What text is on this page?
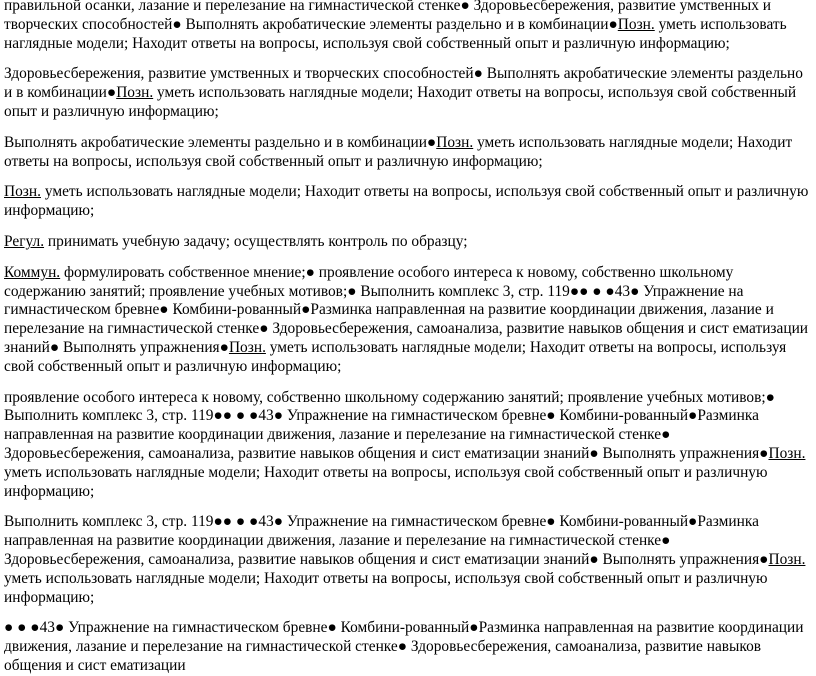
правильной осанки, лазание и перелезание на гимнастической стенке● Здоровьесбережения, развитие умственных и творческих способностей● Выполнять акробатические элементы раздельно и в комбинации●Позн. уметь использовать наглядные модели; Находит ответы на вопросы, используя свой собственный опыт и различную информацию;

Здоровьесбережения, развитие умственных и творческих способностей● Выполнять акробатические элементы раздельно и в комбинации●Позн. уметь использовать наглядные модели; Находит ответы на вопросы, используя свой собственный опыт и различную информацию;

Выполнять акробатические элементы раздельно и в комбинации●Позн. уметь использовать наглядные модели; Находит ответы на вопросы, используя свой собственный опыт и различную информацию;

Позн. уметь использовать наглядные модели; Находит ответы на вопросы, используя свой собственный опыт и различную информацию;

Регул. принимать учебную задачу; осуществлять контроль по образцу;

Коммун. формулировать собственное мнение;● проявление особого интереса к новому, собственно школьному содержанию занятий; проявление учебных мотивов;● Выполнить комплекс 3, стр. 119●● ● ●43● Упражнение на гимнастическом бревне● Комбини-рованный●Разминка направленная на развитие координации движения, лазание и перелезание на гимнастической стенке● Здоровьесбережения, самоанализа, развитие навыков общения и сист ематизации знаний● Выполнять упражнения●Позн. уметь использовать наглядные модели; Находит ответы на вопросы, используя свой собственный опыт и различную информацию;

проявление особого интереса к новому, собственно школьному содержанию занятий; проявление учебных мотивов;● Выполнить комплекс 3, стр. 119●● ● ●43● Упражнение на гимнастическом бревне● Комбини-рованный●Разминка направленная на развитие координации движения, лазание и перелезание на гимнастической стенке● Здоровьесбережения, самоанализа, развитие навыков общения и сист ематизации знаний● Выполнять упражнения●Позн. уметь использовать наглядные модели; Находит ответы на вопросы, используя свой собственный опыт и различную информацию;

Выполнить комплекс 3, стр. 119●● ● ●43● Упражнение на гимнастическом бревне● Комбини-рованный●Разминка направленная на развитие координации движения, лазание и перелезание на гимнастической стенке● Здоровьесбережения, самоанализа, развитие навыков общения и сист ематизации знаний● Выполнять упражнения●Позн. уметь использовать наглядные модели; Находит ответы на вопросы, используя свой собственный опыт и различную информацию;

● ● ●43● Упражнение на гимнастическом бревне● Комбини-рованный●Разминка направленная на развитие координации движения, лазание и перелезание на гимнастической стенке● Здоровьесбережения, самоанализа, развитие навыков общения и сист ематизации
